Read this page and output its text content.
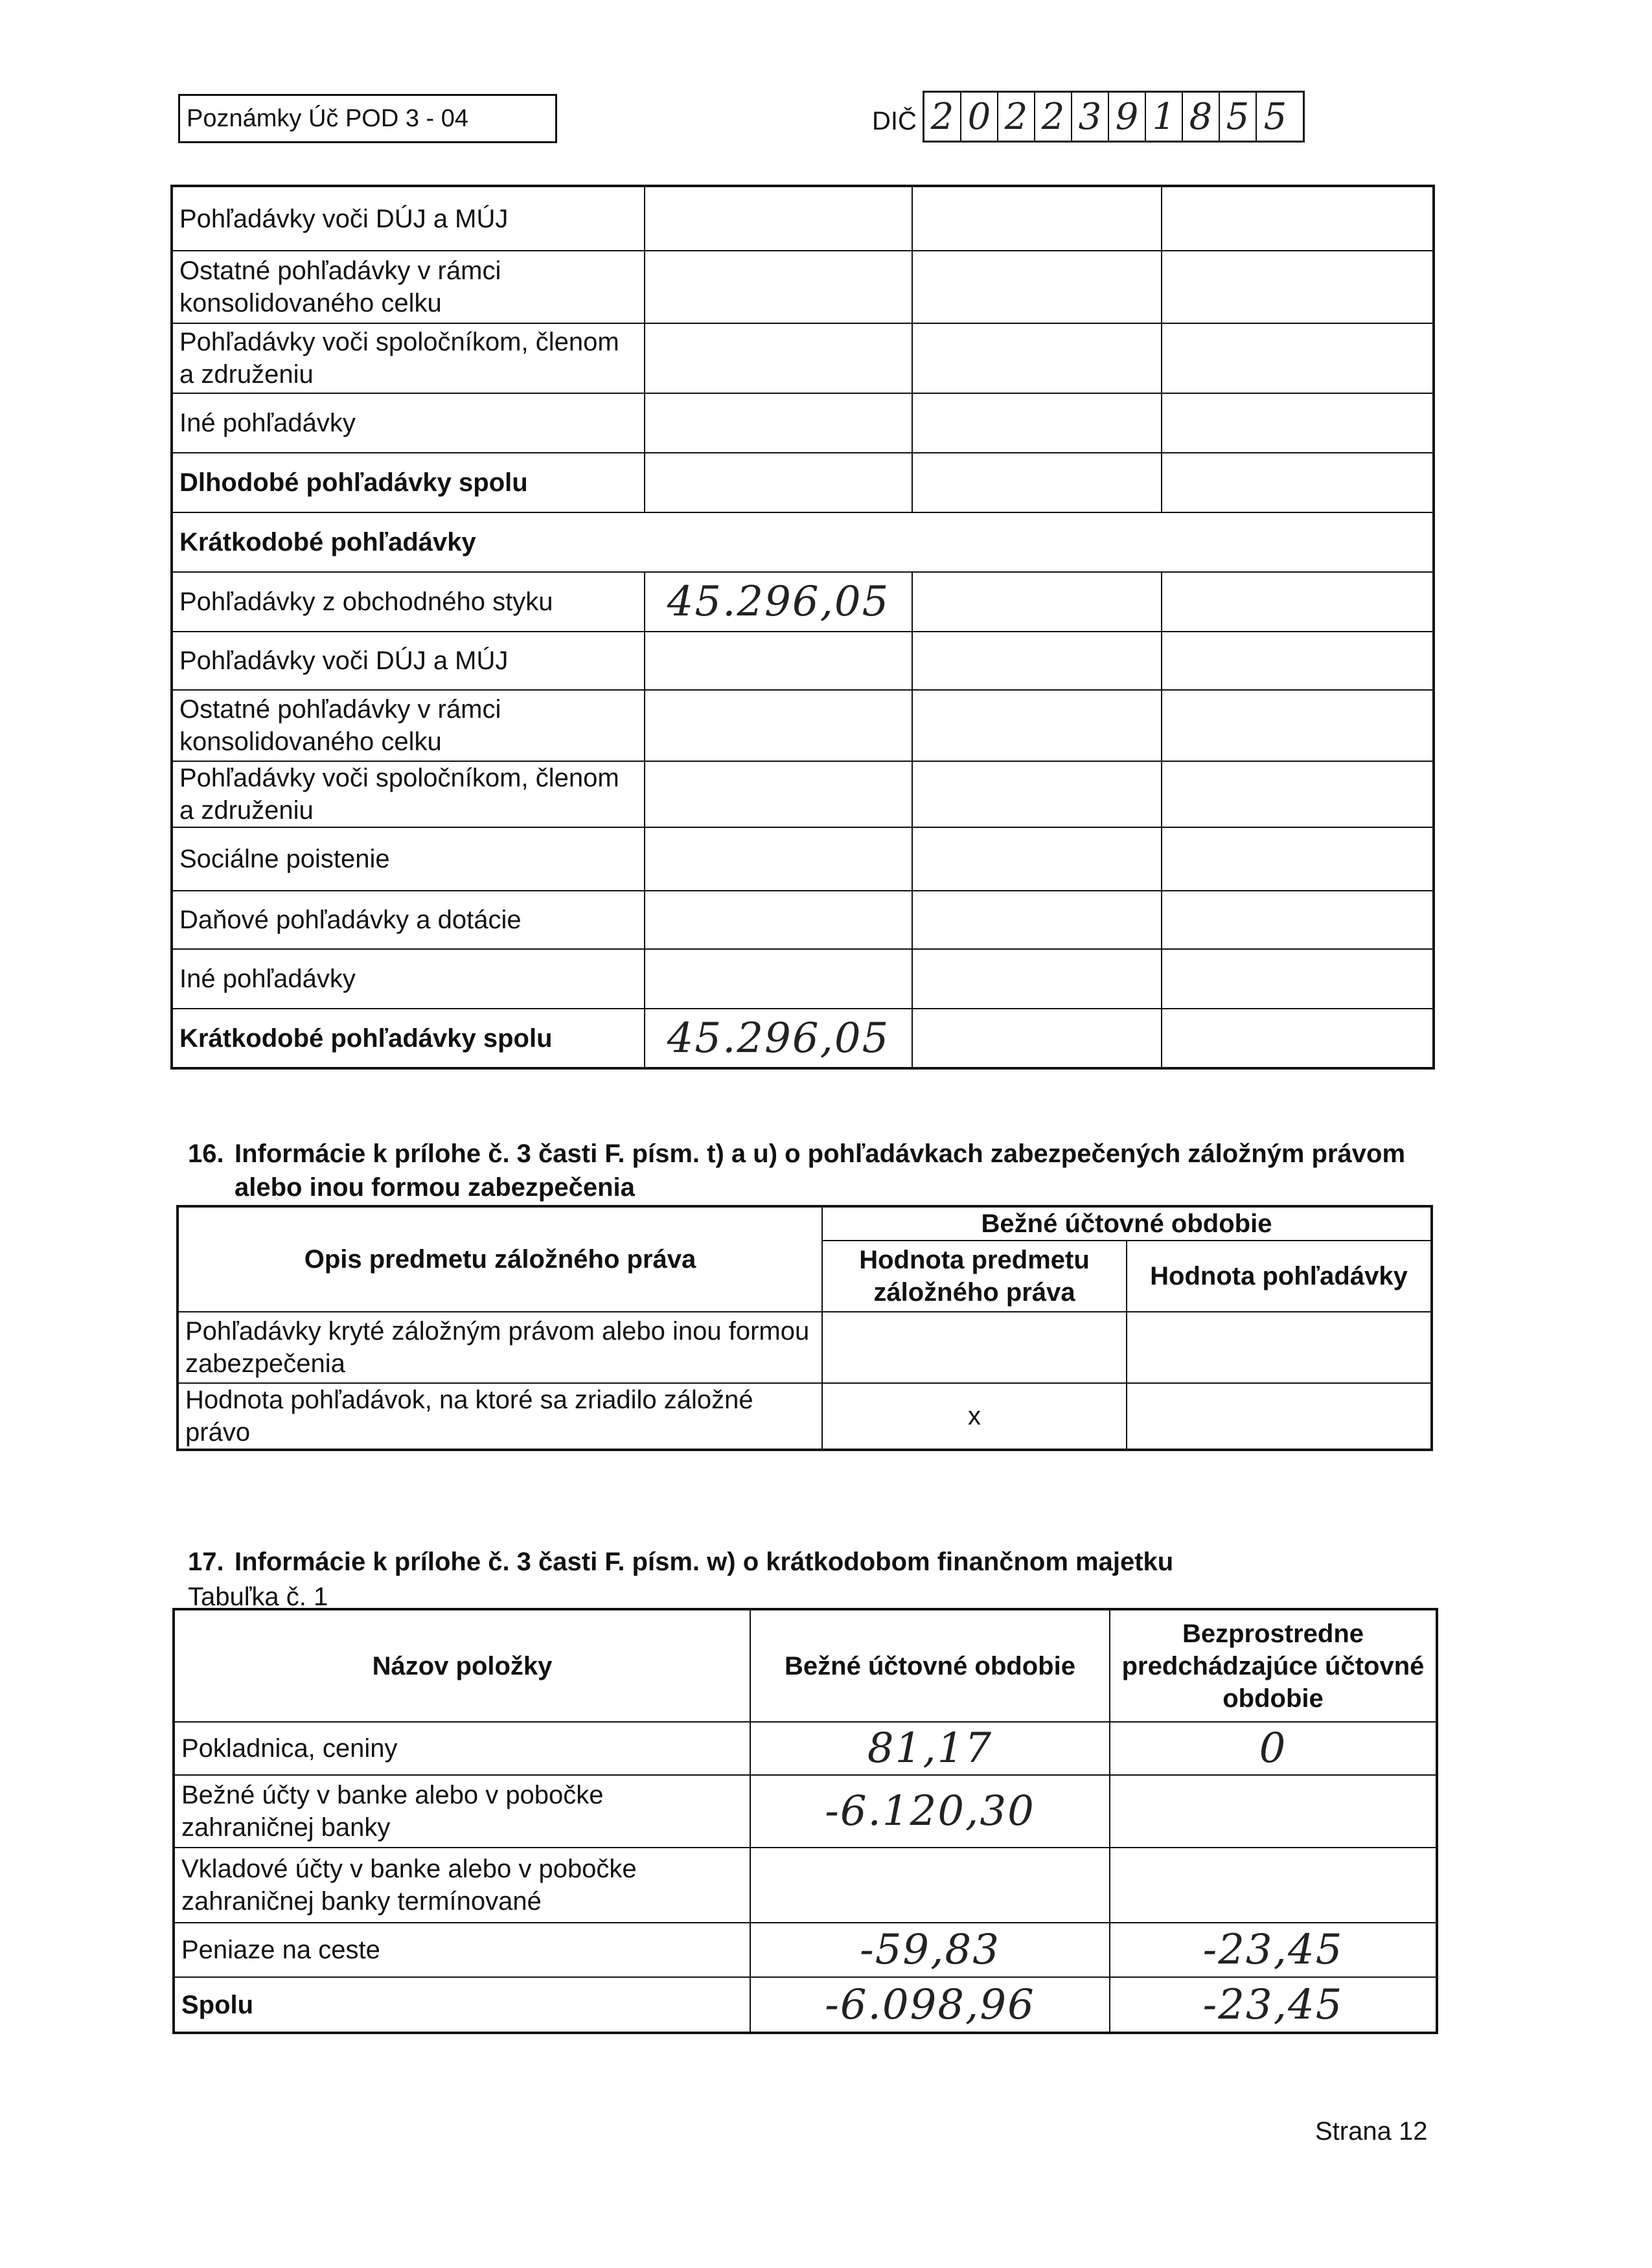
Poznámky Úč POD 3 - 04	DIČ 2 0 2 2 3 9 1 8 5 5
Pohľadávky voči DÚJ a MÚJ			
Ostatné pohľadávky v rámci konsolidovaného celku			
Pohľadávky voči spoločníkom, členom a združeniu			
Iné pohľadávky			
Dlhodobé pohľadávky spolu			
Krátkodobé pohľadávky			
Pohľadávky z obchodného styku	45.296,05		
Pohľadávky voči DÚJ a MÚJ			
Ostatné pohľadávky v rámci konsolidovaného celku			
Pohľadávky voči spoločníkom, členom a združeniu			
Sociálne poistenie			
Daňové pohľadávky a dotácie			
Iné pohľadávky			
Krátkodobé pohľadávky spolu	45.296,05		
16. Informácie k prílohe č. 3 časti F. písm. t) a u) o pohľadávkach zabezpečených záložným právom alebo inou formou zabezpečenia
Opis predmetu záložného práva	Bežné účtovné obdobie	
	Hodnota predmetu záložného práva	Hodnota pohľadávky
Pohľadávky kryté záložným právom alebo inou formou zabezpečenia		
Hodnota pohľadávok, na ktoré sa zriadilo záložné právo	x	
17. Informácie k prílohe č. 3 časti F. písm. w) o krátkodobom finančnom majetku
Tabuľka č. 1
Názov položky	Bežné účtovné obdobie	Bezprostredne predchádzajúce účtovné obdobie
Pokladnica, ceniny	81,17	0
Bežné účty v banke alebo v pobočke zahraničnej banky	-6.120,30	
Vkladové účty v banke alebo v pobočke zahraničnej banky termínované		
Peniaze na ceste	-59,83	-23,45
Spolu	-6.098,96	-23,45
Strana 12
